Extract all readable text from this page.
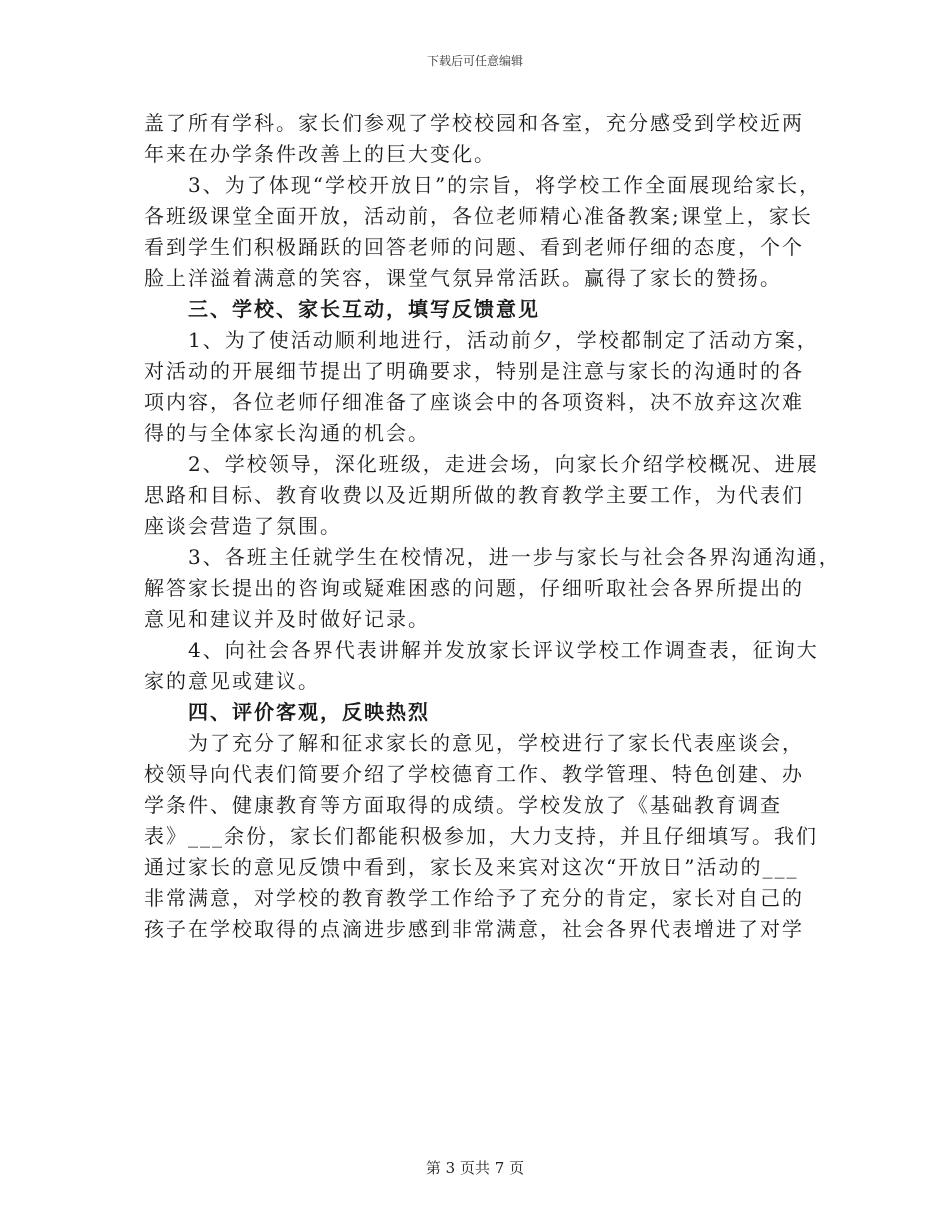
下载后可任意编辑

盖了所有学科。家长们参观了学校校园和各室，充分感受到学校近两
年来在办学条件改善上的巨大变化。
3、为了体现“学校开放日”的宗旨，将学校工作全面展现给家长，
各班级课堂全面开放，活动前，各位老师精心准备教案;课堂上，家长
看到学生们积极踊跃的回答老师的问题、看到老师仔细的态度，个个
脸上洋溢着满意的笑容，课堂气氛异常活跃。赢得了家长的赞扬。
三、学校、家长互动，填写反馈意见
1、为了使活动顺利地进行，活动前夕，学校都制定了活动方案，
对活动的开展细节提出了明确要求，特别是注意与家长的沟通时的各
项内容，各位老师仔细准备了座谈会中的各项资料，决不放弃这次难
得的与全体家长沟通的机会。
2、学校领导，深化班级，走进会场，向家长介绍学校概况、进展
思路和目标、教育收费以及近期所做的教育教学主要工作，为代表们
座谈会营造了氛围。
3、各班主任就学生在校情况，进一步与家长与社会各界沟通沟通，
解答家长提出的咨询或疑难困惑的问题，仔细听取社会各界所提出的
意见和建议并及时做好记录。
4、向社会各界代表讲解并发放家长评议学校工作调查表，征询大
家的意见或建议。
四、评价客观，反映热烈
为了充分了解和征求家长的意见，学校进行了家长代表座谈会，
校领导向代表们简要介绍了学校德育工作、教学管理、特色创建、办
学条件、健康教育等方面取得的成绩。学校发放了《基础教育调查
表》___余份，家长们都能积极参加，大力支持，并且仔细填写。我们
通过家长的意见反馈中看到，家长及来宾对这次“开放日”活动的___
非常满意，对学校的教育教学工作给予了充分的肯定，家长对自己的
孩子在学校取得的点滴进步感到非常满意，社会各界代表增进了对学

第 3 页共 7 页
